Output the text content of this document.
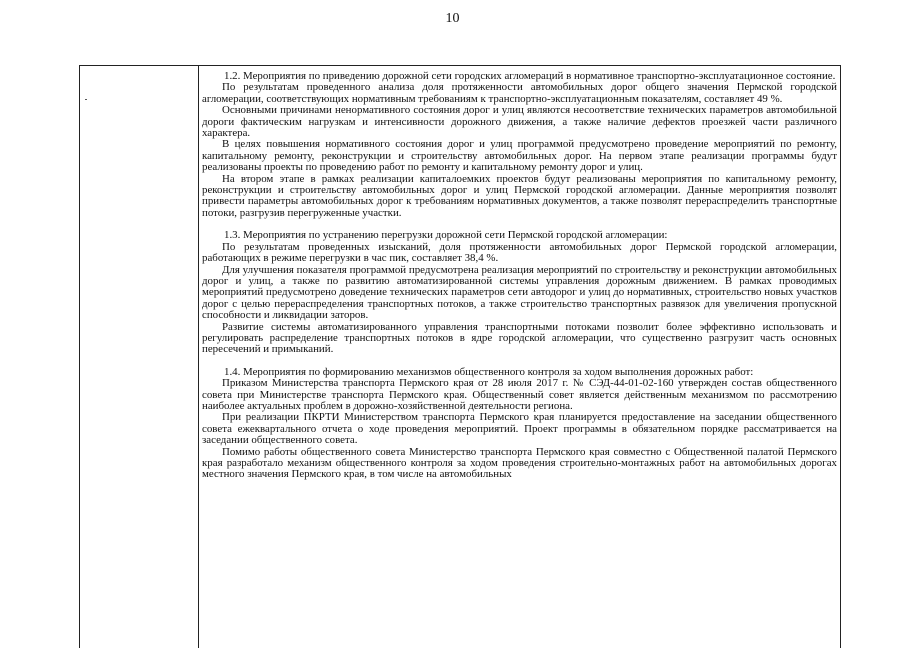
10

1.2. Мероприятия по приведению дорожной сети городских агломераций в нормативное транспортно-эксплуатационное состояние.

По результатам проведенного анализа доля протяженности автомобильных дорог общего значения Пермской городской агломерации, соответствующих нормативным требованиям к транспортно-эксплуатационным показателям, составляет 49 %.

Основными причинами ненормативного состояния дорог и улиц являются несоответствие технических параметров автомобильной дороги фактическим нагрузкам и интенсивности дорожного движения, а также наличие дефектов проезжей части различного характера.

В целях повышения нормативного состояния дорог и улиц программой предусмотрено проведение мероприятий по ремонту, капитальному ремонту, реконструкции и строительству автомобильных дорог. На первом этапе реализации программы будут реализованы проекты по проведению работ по ремонту и капитальному ремонту дорог и улиц.

На втором этапе в рамках реализации капиталоемких проектов будут реализованы мероприятия по капитальному ремонту, реконструкции и строительству автомобильных дорог и улиц Пермской городской агломерации. Данные мероприятия позволят привести параметры автомобильных дорог к требованиям нормативных документов, а также позволят перераспределить транспортные потоки, разгрузив перегруженные участки.

1.3. Мероприятия по устранению перегрузки дорожной сети Пермской городской агломерации:

По результатам проведенных изысканий, доля протяженности автомобильных дорог Пермской городской агломерации, работающих в режиме перегрузки в час пик, составляет 38,4 %.

Для улучшения показателя программой предусмотрена реализация мероприятий по строительству и реконструкции автомобильных дорог и улиц, а также по развитию автоматизированной системы управления дорожным движением. В рамках проводимых мероприятий предусмотрено доведение технических параметров сети автодорог и улиц до нормативных, строительство новых участков дорог с целью перераспределения транспортных потоков, а также строительство транспортных развязок для увеличения пропускной способности и ликвидации заторов.

Развитие системы автоматизированного управления транспортными потоками позволит более эффективно использовать и регулировать распределение транспортных потоков в ядре городской агломерации, что существенно разгрузит часть основных пересечений и примыканий.

1.4. Мероприятия по формированию механизмов общественного контроля за ходом выполнения дорожных работ:

Приказом Министерства транспорта Пермского края от 28 июля 2017 г. № СЭД-44-01-02-160 утвержден состав общественного совета при Министерстве транспорта Пермского края. Общественный совет является действенным механизмом по рассмотрению наиболее актуальных проблем в дорожно-хозяйственной деятельности региона.

При реализации ПКРТИ Министерством транспорта Пермского края планируется предоставление на заседании общественного совета ежеквартального отчета о ходе проведения мероприятий. Проект программы в обязательном порядке рассматривается на заседании общественного совета.

Помимо работы общественного совета Министерство транспорта Пермского края совместно с Общественной палатой Пермского края разработало механизм общественного контроля за ходом проведения строительно-монтажных работ на автомобильных дорогах местного значения Пермского края, в том числе на автомобильных
